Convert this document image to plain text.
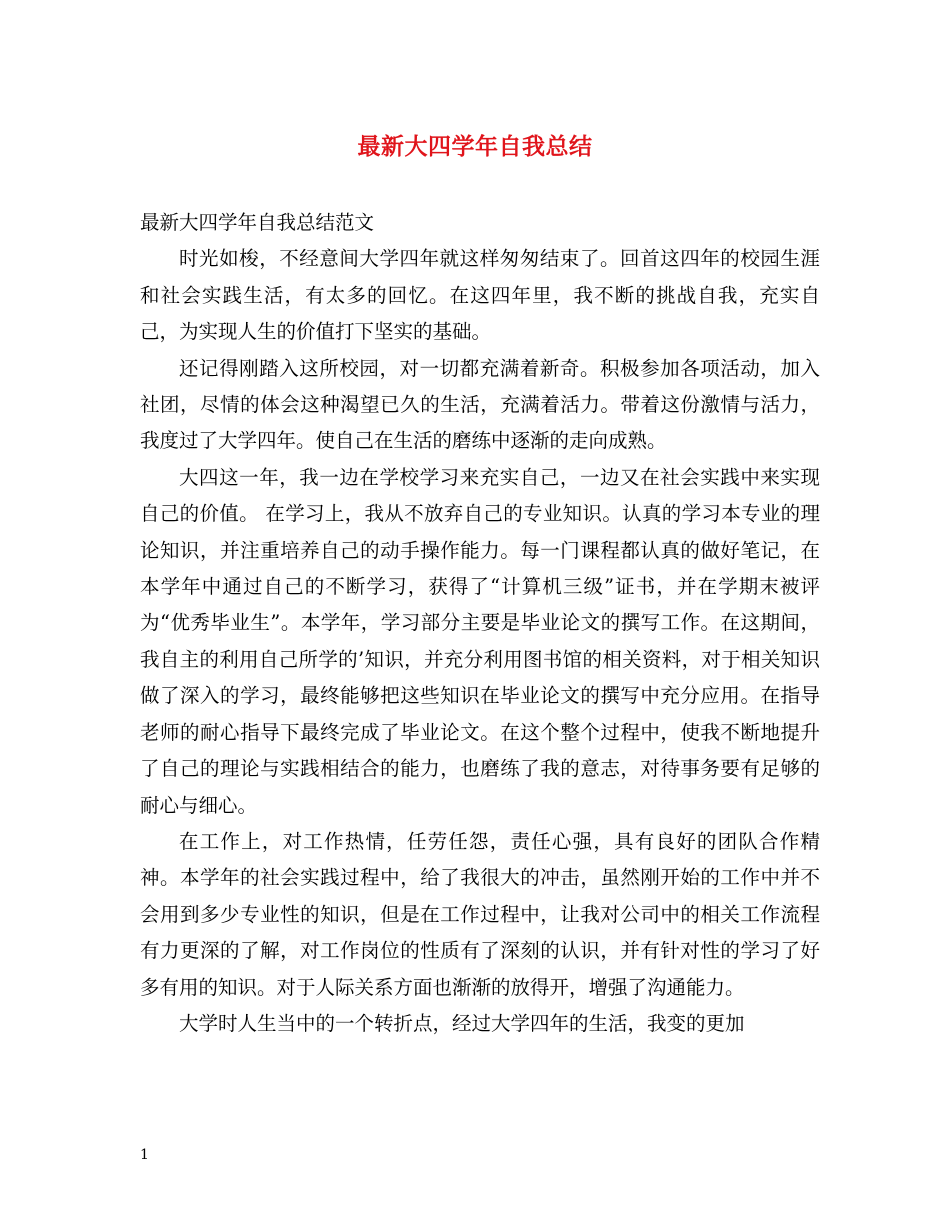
最新大四学年自我总结

最新大四学年自我总结范文

时光如梭，不经意间大学四年就这样匆匆结束了。回首这四年的校园生涯和社会实践生活，有太多的回忆。在这四年里，我不断的挑战自我，充实自己，为实现人生的价值打下坚实的基础。

还记得刚踏入这所校园，对一切都充满着新奇。积极参加各项活动，加入社团，尽情的体会这种渴望已久的生活，充满着活力。带着这份激情与活力，我度过了大学四年。使自己在生活的磨练中逐渐的走向成熟。

大四这一年，我一边在学校学习来充实自己，一边又在社会实践中来实现自己的价值。 在学习上，我从不放弃自己的专业知识。认真的学习本专业的理论知识，并注重培养自己的动手操作能力。每一门课程都认真的做好笔记，在本学年中通过自己的不断学习，获得了“计算机三级”证书，并在学期末被评为“优秀毕业生”。本学年，学习部分主要是毕业论文的撰写工作。在这期间，我自主的利用自己所学的’知识，并充分利用图书馆的相关资料，对于相关知识做了深入的学习，最终能够把这些知识在毕业论文的撰写中充分应用。在指导老师的耐心指导下最终完成了毕业论文。在这个整个过程中，使我不断地提升了自己的理论与实践相结合的能力，也磨练了我的意志，对待事务要有足够的耐心与细心。

在工作上，对工作热情，任劳任怨，责任心强，具有良好的团队合作精神。本学年的社会实践过程中，给了我很大的冲击，虽然刚开始的工作中并不会用到多少专业性的知识，但是在工作过程中，让我对公司中的相关工作流程有力更深的了解，对工作岗位的性质有了深刻的认识，并有针对性的学习了好多有用的知识。对于人际关系方面也渐渐的放得开，增强了沟通能力。

大学时人生当中的一个转折点，经过大学四年的生活，我变的更加

1
